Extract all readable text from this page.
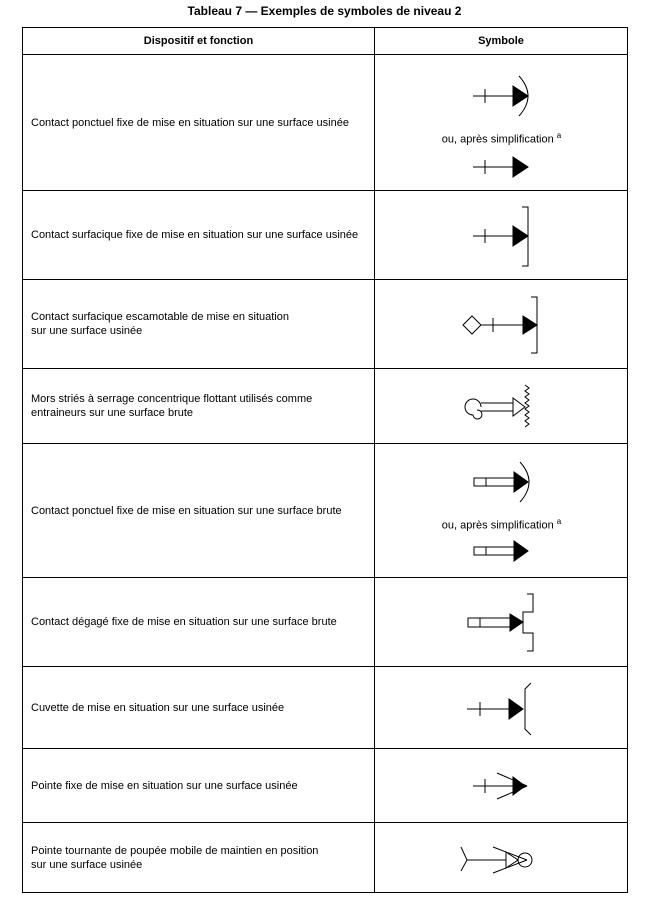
Tableau 7 — Exemples de symboles de niveau 2
Dispositif et fonction	Symbole
Contact ponctuel fixe de mise en situation sur une surface usinée	ou, après simplification $^a$

Contact surfacique fixe de mise en situation sur une surface usinée	

Contact surfacique escamotable de mise en situation
sur une surface usinée	

Mors striés à serrage concentrique flottant utilisés comme
entraineurs sur une surface brute	

Contact ponctuel fixe de mise en situation sur une surface brute	ou, après simplification $^a$

Contact dégagé fixe de mise en situation sur une surface brute	

Cuvette de mise en situation sur une surface usinée	

Pointe fixe de mise en situation sur une surface usinée	

Pointe tournante de poupée mobile de maintien en position
sur une surface usinée	
